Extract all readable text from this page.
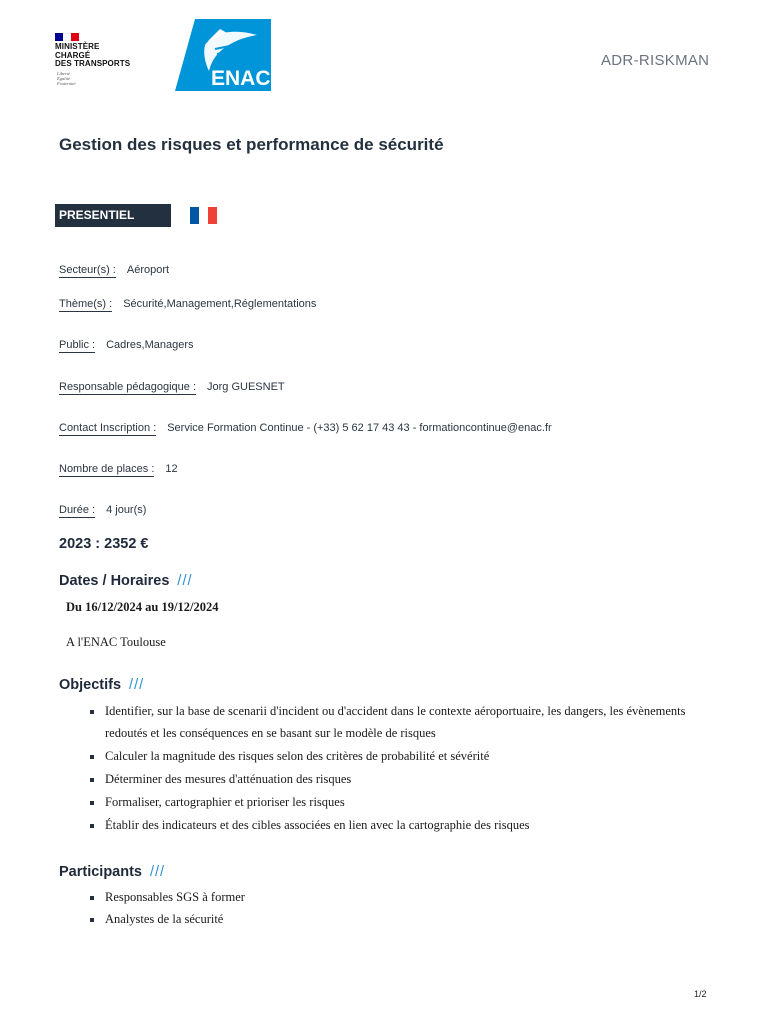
MINISTÈRE
CHARGÉ
DES TRANSPORTS
Liberté
Égalité
Fraternité	ENAC
ADR-RISKMAN
Gestion des risques et performance de sécurité
PRESENTIEL
Secteur(s) : Aéroport
Thème(s) : Sécurité,Management,Réglementations
Public : Cadres,Managers
Responsable pédagogique : Jorg GUESNET
Contact Inscription : Service Formation Continue - (+33) 5 62 17 43 43 - formationcontinue@enac.fr
Nombre de places : 12
Durée : 4 jour(s)
2023 : 2352 €
Dates / Horaires ///
Du 16/12/2024 au 19/12/2024
A l'ENAC Toulouse
Objectifs ///
Identifier, sur la base de scenarii d'incident ou d'accident dans le contexte aéroportuaire, les dangers, les évènements redoutés et les conséquences en se basant sur le modèle de risques
Calculer la magnitude des risques selon des critères de probabilité et sévérité
Déterminer des mesures d'atténuation des risques
Formaliser, cartographier et prioriser les risques
Établir des indicateurs et des cibles associées en lien avec la cartographie des risques
Participants ///
Responsables SGS à former
Analystes de la sécurité
1/2
